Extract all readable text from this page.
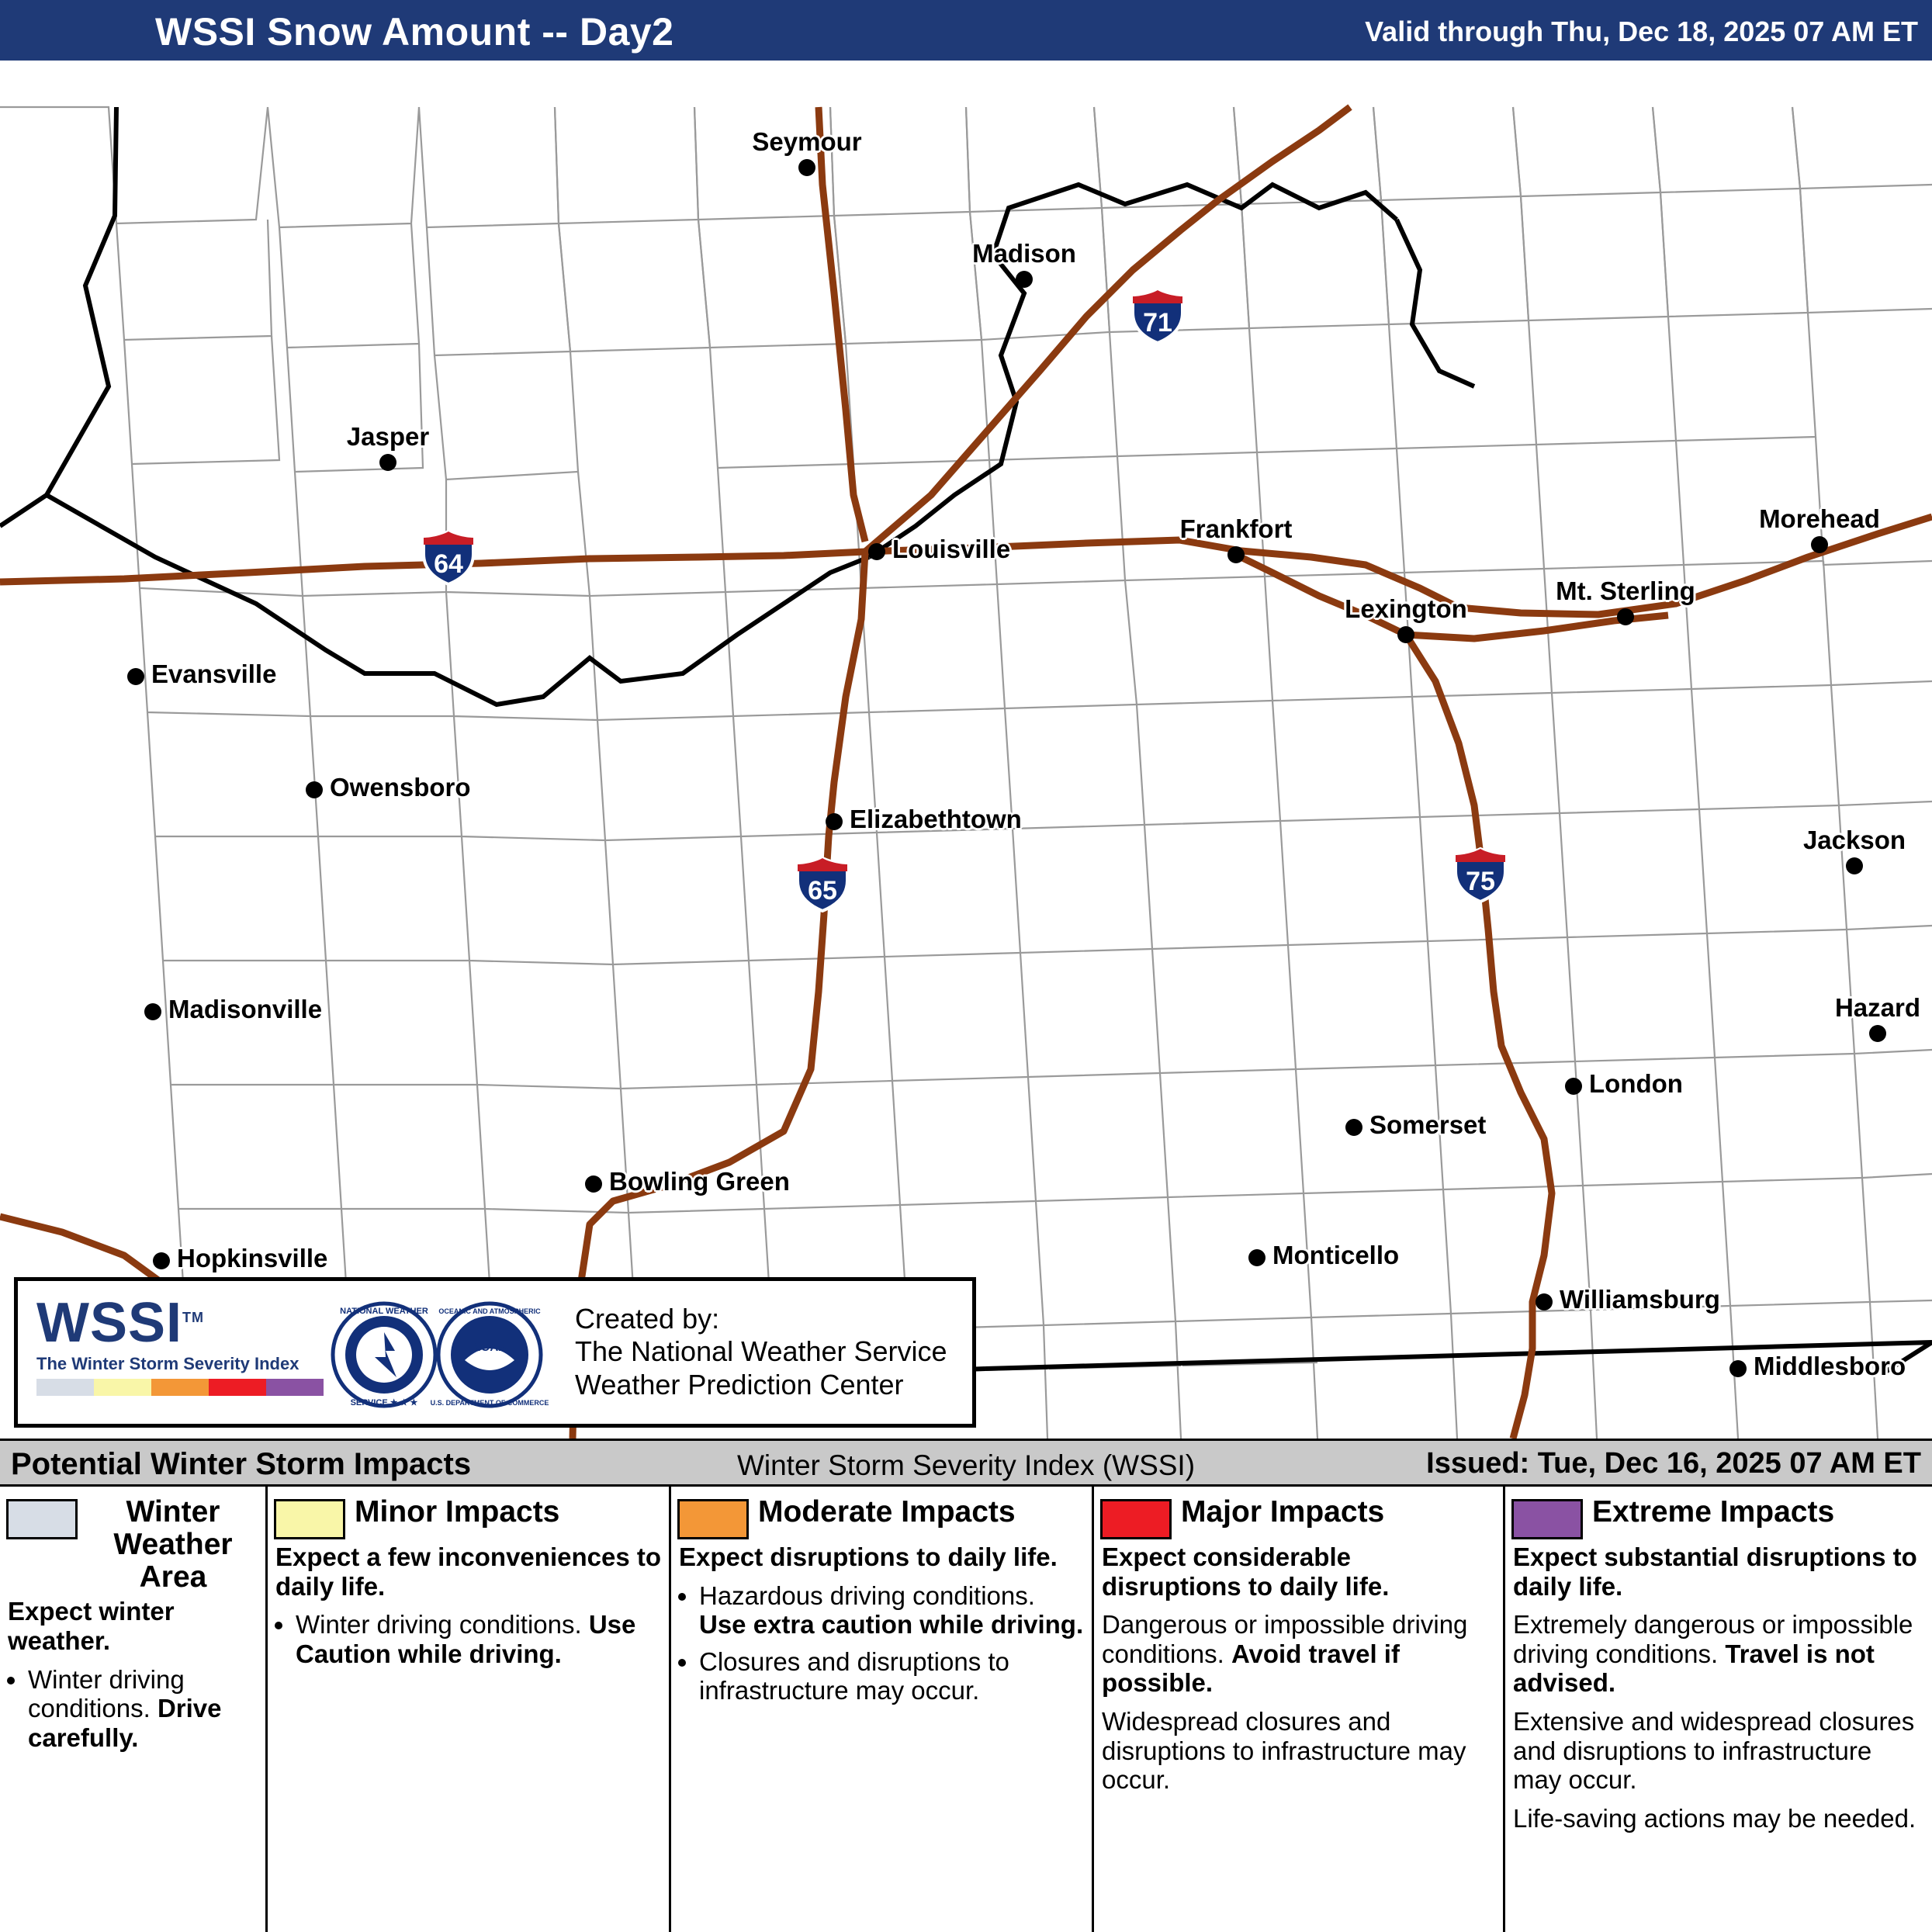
WSSI Snow Amount -- Day2	Valid through Thu, Dec 18, 2025 07 AM ET
Seymour
Madison
Jasper
Louisville
Frankfort	Morehead
Lexington
Mt. Sterling
Evansville
Owensboro
Elizabethtown
Jackson
Madisonville	Hazard
London
Somerset
Bowling Green
Monticello
Hopkinsville
Williamsburg
Middlesboro
71
64
65	75
WSSI™
The Winter Storm Severity Index
NATIONAL WEATHER
SERVICE ★ ★ ★
NOAA
OCEANIC AND ATMOSPHERIC
U.S. DEPARTMENT OF COMMERCE
Created by:
The National Weather Service
Weather Prediction Center
Potential Winter Storm Impacts	Winter Storm Severity Index (WSSI)	Issued: Tue, Dec 16, 2025 07 AM ET
Winter Weather Area

Expect winter weather.

• Winter driving conditions. Drive carefully.
Minor Impacts

Expect a few inconveniences to daily life.

• Winter driving conditions. Use Caution while driving.
Moderate Impacts

Expect disruptions to daily life.

• Hazardous driving conditions. Use extra caution while driving.
• Closures and disruptions to infrastructure may occur.
Major Impacts

Expect considerable disruptions to daily life.

Dangerous or impossible driving conditions. Avoid travel if possible.

Widespread closures and disruptions to infrastructure may occur.

Extreme Impacts

Expect substantial disruptions to daily life.

Extremely dangerous or impossible driving conditions. Travel is not advised.

Extensive and widespread closures and disruptions to infrastructure may occur.

Life-saving actions may be needed.
